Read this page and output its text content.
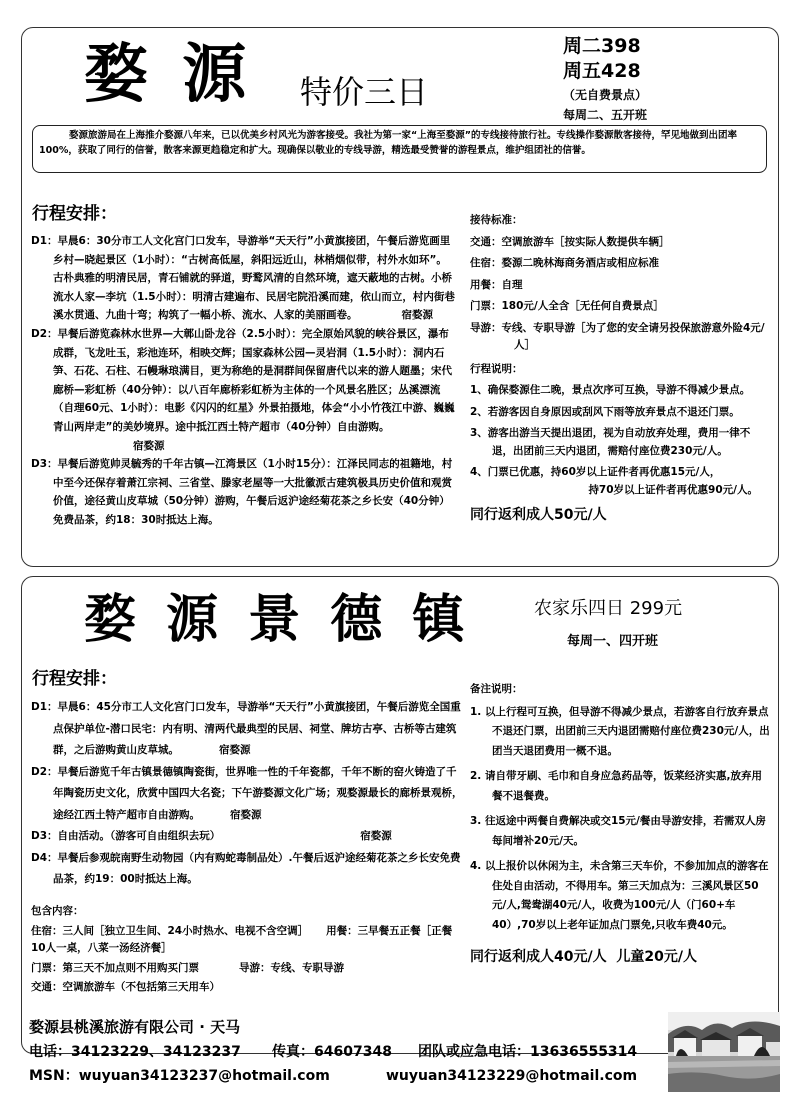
婺 源 特价三日
周二398
周五428
（无自费景点）
每周二、五开班
婺源旅游局在上海推介婺源八年来，已以优美乡村风光为游客接受。我社为第一家“上海至婺源”的专线接待旅行社。专线操作婺源散客接待，罕见地做到出团率100%，获取了同行的信誉，散客来源更趋稳定和扩大。现确保以敬业的专线导游，精选最受赞誉的游程景点，维护组团社的信誉。
行程安排：
D1：早晨6：30分市工人文化宫门口发车，导游举“天天行”小黄旗接团，午餐后游览画里乡村—晓起景区（1小时）：“古树高低屋，斜阳远近山，林梢烟似带，村外水如环”。古朴典雅的明清民居，青石铺就的驿道，野鹜风清的自然环境，遮天蔽地的古树。小桥流水人家—李坑（1.5小时）：明清古建遍布、民居宅院沿溪而建，依山而立，村内街巷溪水贯通、九曲十弯；构筑了一幅小桥、流水、人家的美丽画卷。	宿婺源
D2：早餐后游览森林水世界—大鄣山卧龙谷（2.5小时）：完全原始风貌的峡谷景区，瀑布成群，飞龙吐玉，彩池连环，相映交辉；国家森林公园—灵岩洞（1.5小时）：洞内石笋、石花、石柱、石幔琳琅满目，更为称绝的是洞群间保留唐代以来的游人题墨；宋代廊桥—彩虹桥（40分钟）：以八百年廊桥彩虹桥为主体的一个风景名胜区；丛溪漂流（自理60元、1小时）：电影《闪闪的红星》外景拍摄地，体会“小小竹筏江中游、巍巍青山两岸走”的美妙境界。途中抵江西土特产超市（40分钟）自由游购。宿婺源
D3：早餐后游览帅灵毓秀的千年古镇—江湾景区（1小时15分）：江泽民同志的祖籍地，村中至今还保存着萧江宗祠、三省堂、滕家老屋等一大批徽派古建筑极具历史价值和观赏价值，途径黄山皮草城（50分钟）游购，午餐后返沪途经菊花茶之乡长安（40分钟）免费品茶，约18：30时抵达上海。
接待标准：
交通：空调旅游车［按实际人数提供车辆］
住宿：婺源二晚林海商务酒店或相应标准
用餐：自理
门票：180元/人全含［无任何自费景点］
导游：专线、专职导游［为了您的安全请另投保旅游意外险4元/人］
行程说明：
1、确保婺源住二晚，景点次序可互换，导游不得减少景点。
2、若游客因自身原因或刮风下雨等放弃景点不退还门票。
3、游客出游当天提出退团，视为自动放弃处理，费用一律不退，出团前三天内退团，需赔付座位费230元/人。
4、门票已优惠，持60岁以上证件者再优惠15元/人，
持70岁以上证件者再优惠90元/人。
同行返利成人50元/人
婺 源 景 德 镇	农家乐四日 299元
每周一、四开班
行程安排：
D1：早晨6：45分市工人文化宫门口发车，导游举“天天行”小黄旗接团，午餐后游览全国重点保护单位-潜口民宅：内有明、清两代最典型的民居、祠堂、牌坊古亭、古桥等古建筑群，之后游购黄山皮草城。	宿婺源
D2：早餐后游览千年古镇景德镇陶瓷街，世界唯一性的千年瓷都，千年不断的窑火铸造了千年陶瓷历史文化，欣赏中国四大名瓷；下午游婺源文化广场；观婺源最长的廊桥景观桥，途经江西土特产超市自由游购。	宿婺源
D3：自由活动。（游客可自由组织去玩）	宿婺源
D4：早餐后参观皖南野生动物园（内有购蛇毒制品处）.午餐后返沪途经菊花茶之乡长安免费品茶，约19：00时抵达上海。
包含内容：
住宿：三人间［独立卫生间、24小时热水、电视不含空调］ 用餐：三早餐五正餐［正餐10人一桌，八菜一汤经济餐］
门票：第三天不加点则不用购买门票	导游：专线、专职导游
交通：空调旅游车（不包括第三天用车）
备注说明：
1. 以上行程可互换，但导游不得减少景点，若游客自行放弃景点不退还门票，出团前三天内退团需赔付座位费230元/人，出团当天退团费用一概不退。
2. 请自带牙刷、毛巾和自身应急药品等，饭菜经济实惠,放弃用餐不退餐费。
3. 往返途中两餐自费解决或交15元/餐由导游安排，若需双人房每间增补20元/天。
4. 以上报价以休闲为主，未含第三天车价，不参加加点的游客在住处自由活动，不得用车。第三天加点为：三溪风景区50元/人,鸳鸯湖40元/人，收费为100元/人（门60+车40）,70岁以上老年证加点门票免,只收车费40元。
同行返利成人40元/人  儿童20元/人
婺源县桃溪旅游有限公司 · 天马
电话：34123229、34123237 传真：64607348 团队或应急电话：13636555314
MSN：wuyuan34123237@hotmail.com	wuyuan34123229@hotmail.com
